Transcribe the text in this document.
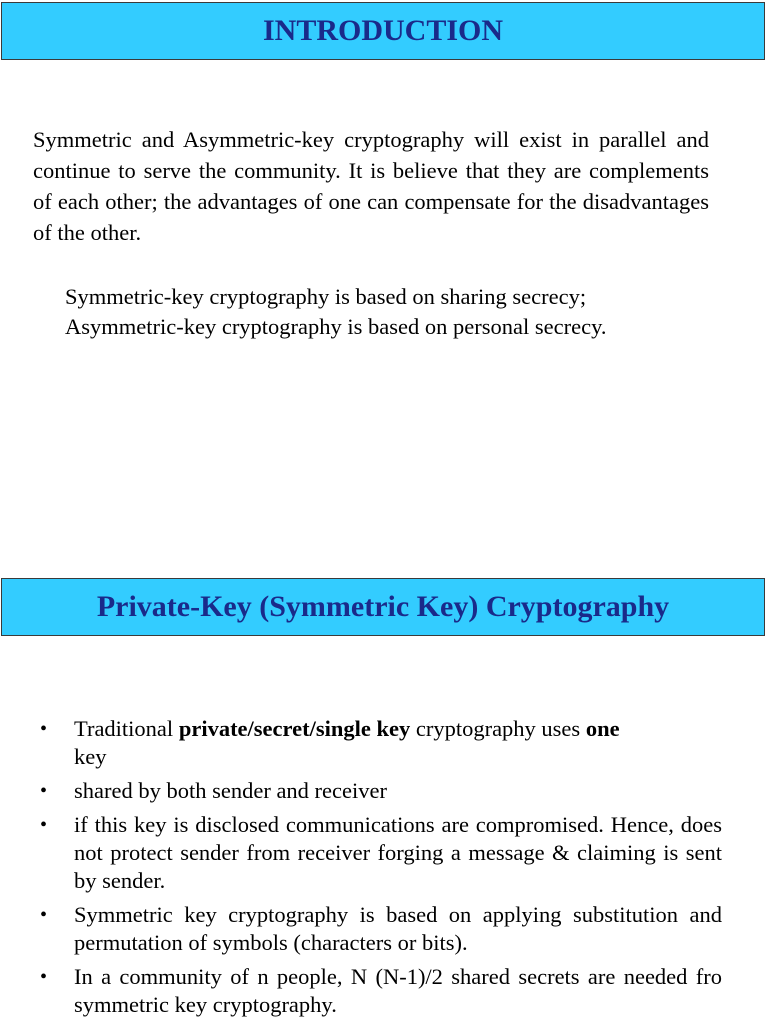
INTRODUCTION

Symmetric and Asymmetric-key cryptography will exist in parallel and continue to serve the community. It is believe that they are complements of each other; the advantages of one can compensate for the disadvantages of the other.

Symmetric-key cryptography is based on sharing secrecy;
Asymmetric-key cryptography is based on personal secrecy.
Private-Key (Symmetric Key) Cryptography
• Traditional private/secret/single key cryptography uses one
key
• shared by both sender and receiver
• if this key is disclosed communications are compromised. Hence, does not protect sender from receiver forging a message & claiming is sent by sender.
• Symmetric key cryptography is based on applying substitution and permutation of symbols (characters or bits).
• In a community of n people, N (N-1)/2 shared secrets are needed fro symmetric key cryptography.
